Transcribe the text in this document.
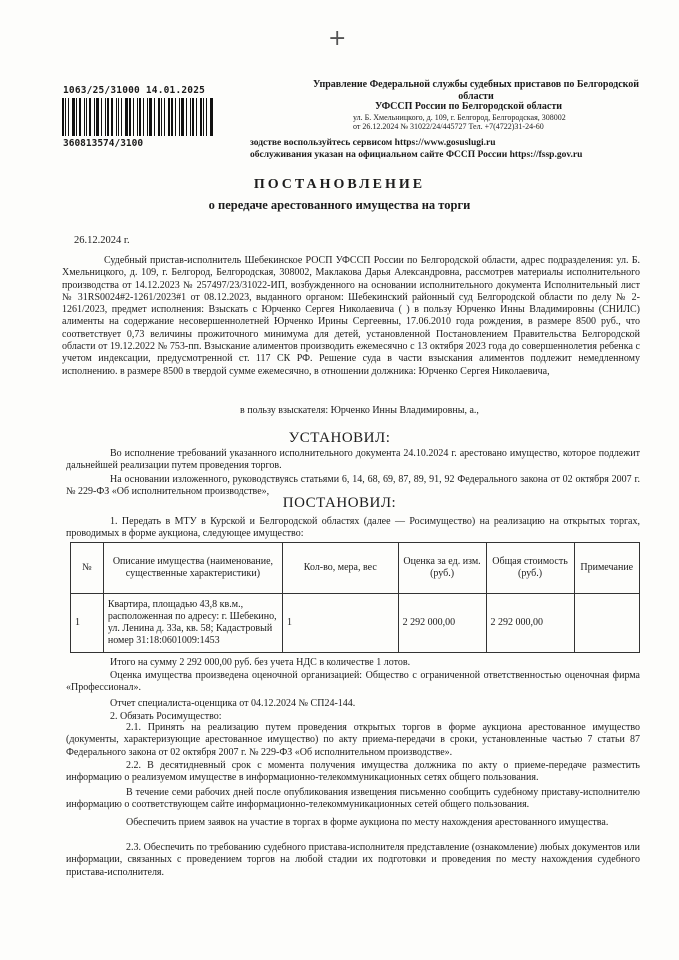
+
1063/25/31000 14.01.2025
360813574/3100
Управление Федеральной службы судебных приставов по Белгородской
области
УФССП России по Белгородской области
ул. Б. Хмельницкого, д. 109, г. Белгород, Белгородская, 308002
от 26.12.2024 № 31022/24/445727 Тел. +7(4722)31-24-60
зодстве воспользуйтесь сервисом https://www.gosuslugi.ru
обслуживания указан на официальном сайте ФССП России https://fssp.gov.ru
ПОСТАНОВЛЕНИЕ
о передаче арестованного имущества на торги
26.12.2024 г.
Судебный пристав-исполнитель Шебекинское РОСП УФССП России по Белгородской области, адрес подразделения: ул. Б. Хмельницкого, д. 109, г. Белгород, Белгородская, 308002, Маклакова Дарья Александровна, рассмотрев материалы исполнительного производства от 14.12.2023 № 257497/23/31022-ИП, возбужденного на основании исполнительного документа Исполнительный лист № 31RS0024#2-1261/2023#1 от 08.12.2023, выданного органом: Шебекинский районный суд Белгородской области по делу № 2-1261/2023, предмет исполнения: Взыскать с Юрченко Сергея Николаевича ( ) в пользу Юрченко Инны Владимировны (СНИЛС) алименты на содержание несовершеннолетней Юрченко Ирины Сергеевны, 17.06.2010 года рождения, в размере 8500 руб., что соответствует 0,73 величины прожиточного минимума для детей, установленной Постановлением Правительства Белгородской области от 19.12.2022 № 753-пп. Взыскание алиментов производить ежемесячно с 13 октября 2023 года до совершеннолетия ребенка с учетом индексации, предусмотренной ст. 117 СК РФ. Решение суда в части взыскания алиментов подлежит немедленному исполнению. в размере 8500 в твердой сумме ежемесячно, в отношении должника: Юрченко Сергея Николаевича,
в пользу взыскателя: Юрченко Инны Владимировны, а.,
УСТАНОВИЛ:
Во исполнение требований указанного исполнительного документа 24.10.2024 г. арестовано имущество, которое подлежит дальнейшей реализации путем проведения торгов.
На основании изложенного, руководствуясь статьями 6, 14, 68, 69, 87, 89, 91, 92 Федерального закона от 02 октября 2007 г. № 229-ФЗ «Об исполнительном производстве»,
ПОСТАНОВИЛ:
1. Передать в МТУ в Курской и Белгородской областях (далее — Росимущество) на реализацию на открытых торгах, проводимых в форме аукциона, следующее имущество:
№	Описание имущества (наименование, существенные характеристики)	Кол-во, мера, вес	Оценка за ед. изм. (руб.)	Общая стоимость (руб.)	Примечание
1	Квартира, площадью 43,8 кв.м., расположенная по адресу: г. Шебекино, ул. Ленина д. 33а, кв. 58; Кадастровый номер 31:18:0601009:1453	1	2 292 000,00	2 292 000,00	
Итого на сумму 2 292 000,00 руб. без учета НДС в количестве 1 лотов.
Оценка имущества произведена оценочной организацией: Общество с ограниченной ответственностью оценочная фирма «Профессионал».
Отчет специалиста-оценщика от 04.12.2024 № СП24-144.
2. Обязать Росимущество:
2.1. Принять на реализацию путем проведения открытых торгов в форме аукциона арестованное имущество (документы, характеризующие арестованное имущество) по акту приема-передачи в сроки, установленные частью 7 статьи 87 Федерального закона от 02 октября 2007 г. № 229-ФЗ «Об исполнительном производстве».
2.2. В десятидневный срок с момента получения имущества должника по акту о приеме-передаче разместить информацию о реализуемом имуществе в информационно-телекоммуникационных сетях общего пользования.
В течение семи рабочих дней после опубликования извещения письменно сообщить судебному приставу-исполнителю информацию о соответствующем сайте информационно-телекоммуникационных сетей общего пользования.
Обеспечить прием заявок на участие в торгах в форме аукциона по месту нахождения арестованного имущества.
2.3. Обеспечить по требованию судебного пристава-исполнителя представление (ознакомление) любых документов или информации, связанных с проведением торгов на любой стадии их подготовки и проведения по месту нахождения судебного пристава-исполнителя.
